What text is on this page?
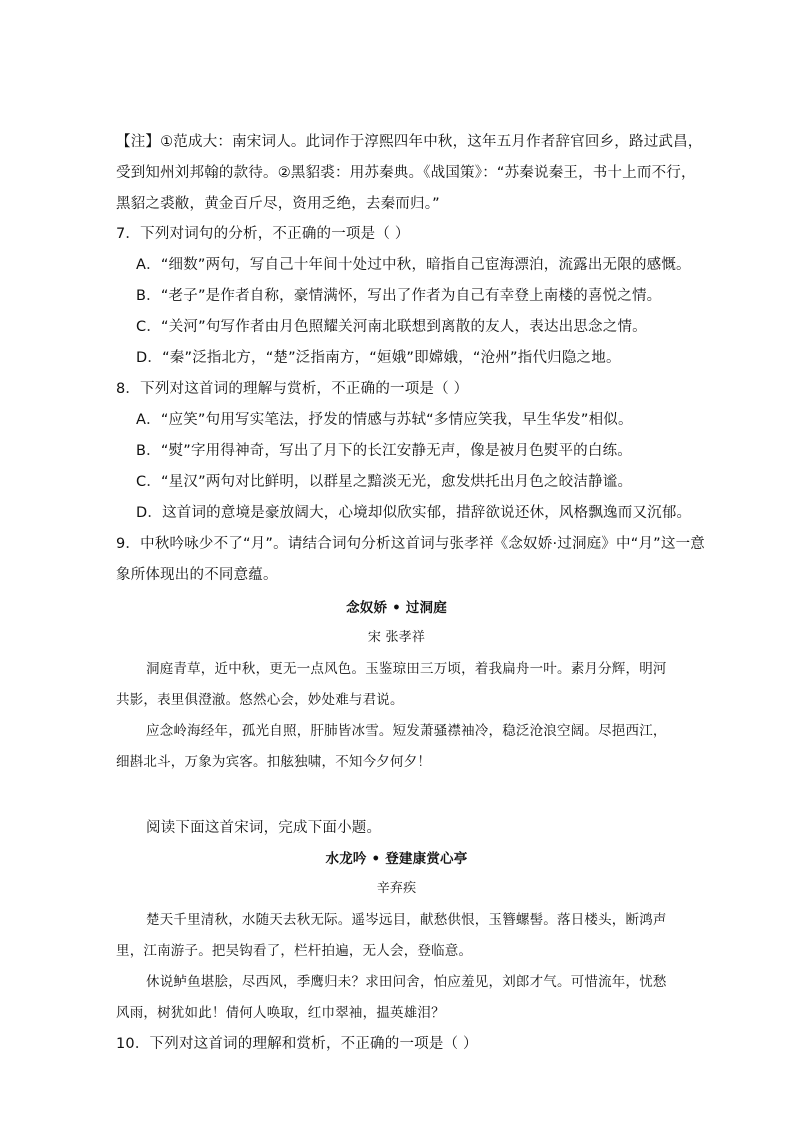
【注】①范成大：南宋词人。此词作于淳熙四年中秋，这年五月作者辞官回乡，路过武昌，
受到知州刘邦翰的款待。②黑貂裘：用苏秦典。《战国策》：“苏秦说秦王，书十上而不行，
黑貂之裘敝，黄金百斤尽，资用乏绝，去秦而归。”
7．下列对词句的分析，不正确的一项是（ ）
A．“细数”两句，写自己十年间十处过中秋，暗指自己宦海漂泊，流露出无限的感慨。
B．“老子”是作者自称，豪情满怀，写出了作者为自己有幸登上南楼的喜悦之情。
C．“关河”句写作者由月色照耀关河南北联想到离散的友人，表达出思念之情。
D．“秦”泛指北方，“楚”泛指南方，“姮娥”即嫦娥，“沧州”指代归隐之地。
8．下列对这首词的理解与赏析，不正确的一项是（ ）
A．“应笑”句用写实笔法，抒发的情感与苏轼“多情应笑我，早生华发”相似。
B．“熨”字用得神奇，写出了月下的长江安静无声，像是被月色熨平的白练。
C．“星汉”两句对比鲜明，以群星之黯淡无光，愈发烘托出月色之皎洁静谧。
D．这首词的意境是豪放阔大，心境却似欣实郁，措辞欲说还休，风格飘逸而又沉郁。
9．中秋吟咏少不了“月”。请结合词句分析这首词与张孝祥《念奴娇·过洞庭》中“月”这一意
象所体现出的不同意蕴。
念奴娇 • 过洞庭
宋 张孝祥
洞庭青草，近中秋，更无一点风色。玉鉴琼田三万顷，着我扁舟一叶。素月分辉，明河
共影，表里俱澄澈。悠然心会，妙处难与君说。
应念岭海经年，孤光自照，肝肺皆冰雪。短发萧骚襟袖冷，稳泛沧浪空阔。尽挹西江，
细斟北斗，万象为宾客。扣舷独啸，不知今夕何夕！
阅读下面这首宋词，完成下面小题。
水龙吟 • 登建康赏心亭
辛弃疾
楚天千里清秋，水随天去秋无际。遥岑远目，献愁供恨，玉簪螺髻。落日楼头，断鸿声
里，江南游子。把吴钩看了，栏杆拍遍，无人会，登临意。
休说鲈鱼堪脍，尽西风，季鹰归未？求田问舍，怕应羞见，刘郎才气。可惜流年，忧愁
风雨，树犹如此！倩何人唤取，红巾翠袖，揾英雄泪？
10．下列对这首词的理解和赏析，不正确的一项是（ ）
